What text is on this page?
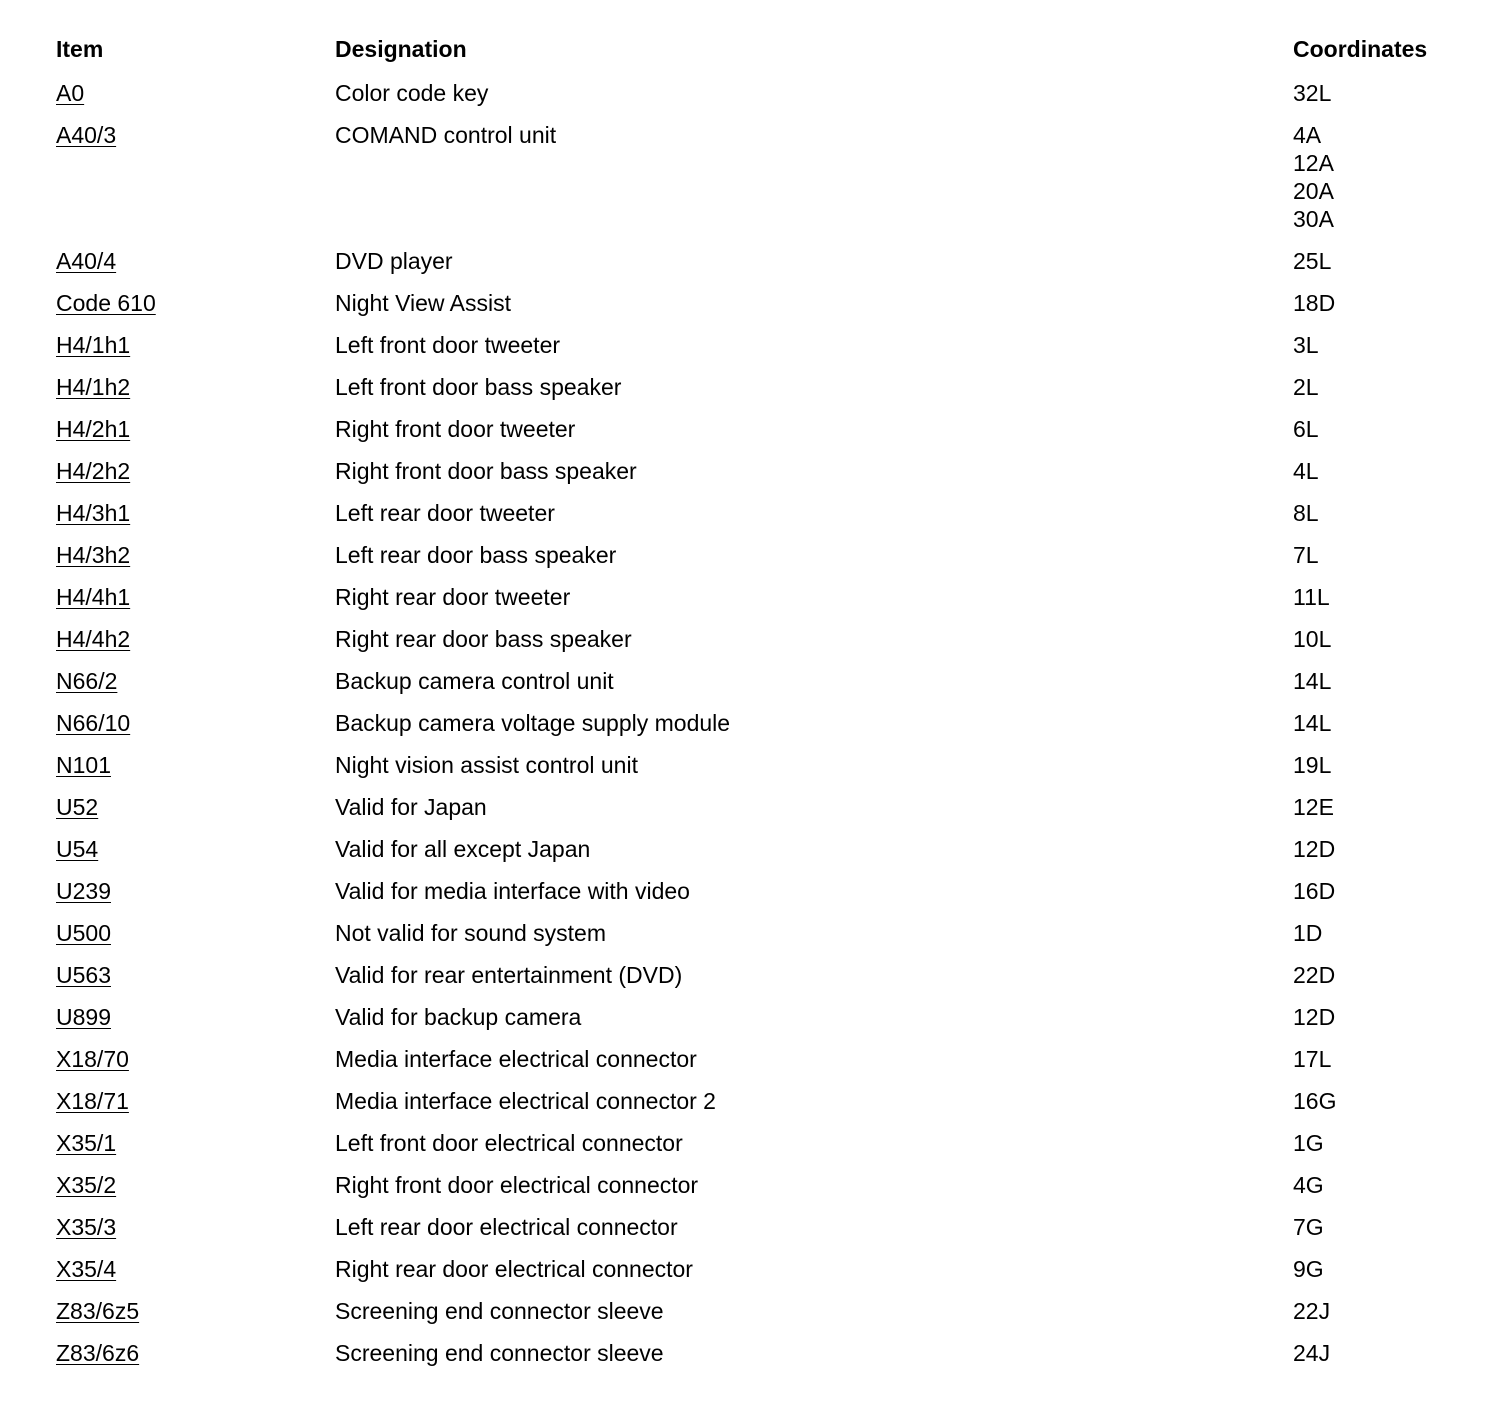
Item	Designation	Coordinates
A0	Color code key	32L
A40/3	COMAND control unit	4A
12A
20A
30A
A40/4	DVD player	25L
Code 610	Night View Assist	18D
H4/1h1	Left front door tweeter	3L
H4/1h2	Left front door bass speaker	2L
H4/2h1	Right front door tweeter	6L
H4/2h2	Right front door bass speaker	4L
H4/3h1	Left rear door tweeter	8L
H4/3h2	Left rear door bass speaker	7L
H4/4h1	Right rear door tweeter	11L
H4/4h2	Right rear door bass speaker	10L
N66/2	Backup camera control unit	14L
N66/10	Backup camera voltage supply module	14L
N101	Night vision assist control unit	19L
U52	Valid for Japan	12E
U54	Valid for all except Japan	12D
U239	Valid for media interface with video	16D
U500	Not valid for sound system	1D
U563	Valid for rear entertainment (DVD)	22D
U899	Valid for backup camera	12D
X18/70	Media interface electrical connector	17L
X18/71	Media interface electrical connector 2	16G
X35/1	Left front door electrical connector	1G
X35/2	Right front door electrical connector	4G
X35/3	Left rear door electrical connector	7G
X35/4	Right rear door electrical connector	9G
Z83/6z5	Screening end connector sleeve	22J
Z83/6z6	Screening end connector sleeve	24J
